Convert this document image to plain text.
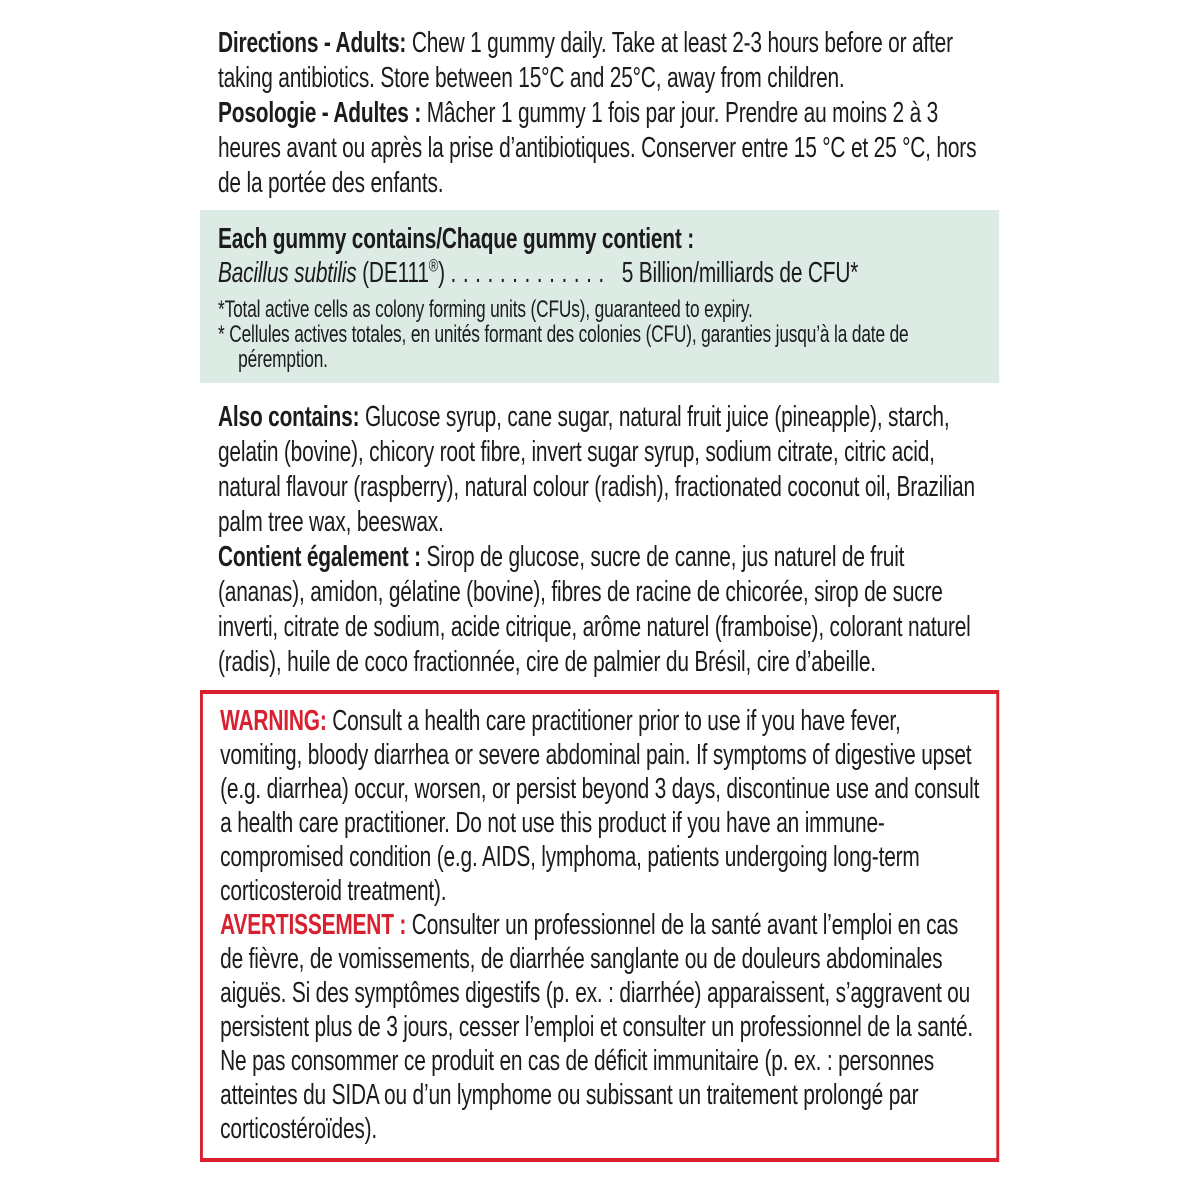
Directions - Adults: Chew 1 gummy daily. Take at least 2-3 hours before or after taking antibiotics. Store between 15°C and 25°C, away from children.

Posologie - Adultes : Mâcher 1 gummy 1 fois par jour. Prendre au moins 2 à 3 heures avant ou après la prise d’antibiotiques. Conserver entre 15 °C et 25 °C, hors de la portée des enfants.

Each gummy contains/Chaque gummy contient :

Bacillus subtilis (DE111®) . . . . . . . . . . . . . 5 Billion/milliards de CFU*

*Total active cells as colony forming units (CFUs), guaranteed to expiry.

* Cellules actives totales, en unités formant des colonies (CFU), garanties jusqu’à la date de péremption.

Also contains: Glucose syrup, cane sugar, natural fruit juice (pineapple), starch, gelatin (bovine), chicory root fibre, invert sugar syrup, sodium citrate, citric acid, natural flavour (raspberry), natural colour (radish), fractionated coconut oil, Brazilian palm tree wax, beeswax.

Contient également : Sirop de glucose, sucre de canne, jus naturel de fruit (ananas), amidon, gélatine (bovine), fibres de racine de chicorée, sirop de sucre inverti, citrate de sodium, acide citrique, arôme naturel (framboise), colorant naturel (radis), huile de coco fractionnée, cire de palmier du Brésil, cire d’abeille.

WARNING: Consult a health care practitioner prior to use if you have fever, vomiting, bloody diarrhea or severe abdominal pain. If symptoms of digestive upset (e.g. diarrhea) occur, worsen, or persist beyond 3 days, discontinue use and consult a health care practitioner. Do not use this product if you have an immune-compromised condition (e.g. AIDS, lymphoma, patients undergoing long-term corticosteroid treatment).

AVERTISSEMENT : Consulter un professionnel de la santé avant l’emploi en cas de fièvre, de vomissements, de diarrhée sanglante ou de douleurs abdominales aiguës. Si des symptômes digestifs (p. ex. : diarrhée) apparaissent, s’aggravent ou persistent plus de 3 jours, cesser l’emploi et consulter un professionnel de la santé. Ne pas consommer ce produit en cas de déficit immunitaire (p. ex. : personnes atteintes du SIDA ou d’un lymphome ou subissant un traitement prolongé par corticostéroïdes).
